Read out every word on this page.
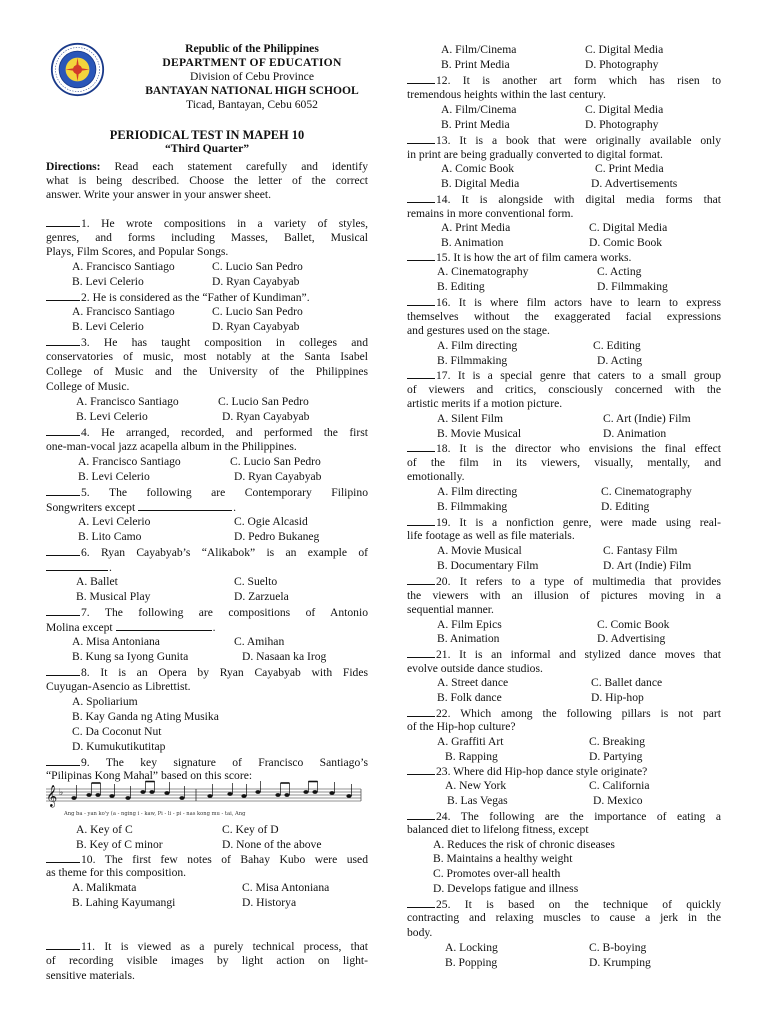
Republic of the Philippines
DEPARTMENT OF EDUCATION
Division of Cebu Province
BANTAYAN NATIONAL HIGH SCHOOL
Ticad, Bantayan, Cebu 6052
PERIODICAL TEST IN MAPEH 10
“Third Quarter”
Directions: Read each statement carefully and identify
what is being described. Choose the letter of the correct
answer. Write your answer in your answer sheet.
1. He wrote compositions in a variety of styles,
genres, and forms including Masses, Ballet, Musical
Plays, Film Scores, and Popular Songs.
A. Francisco Santiago	C. Lucio San Pedro
B. Levi Celerio	D. Ryan Cayabyab
2. He is considered as the “Father of Kundiman”.
A. Francisco Santiago	C. Lucio San Pedro
B. Levi Celerio	D. Ryan Cayabyab
3. He has taught composition in colleges and
conservatories of music, most notably at the Santa Isabel
College of Music and the University of the Philippines
College of Music.
A. Francisco Santiago	C. Lucio San Pedro
B. Levi Celerio	D. Ryan Cayabyab
4. He arranged, recorded, and performed the first
one-man-vocal jazz acapella album in the Philippines.
A. Francisco Santiago	C. Lucio San Pedro
B. Levi Celerio	D. Ryan Cayabyab
5. The following are Contemporary Filipino
Songwriters except	.
A. Levi Celerio	C. Ogie Alcasid
B. Lito Camo	D. Pedro Bukaneg
6. Ryan Cayabyab’s “Alikabok” is an example of
.
A. Ballet	C. Suelto
B. Musical Play	D. Zarzuela
7. The following are compositions of Antonio
Molina except	.
A. Misa Antoniana	C. Amihan
B. Kung sa Iyong Gunita	D. Nasaan ka Irog
8. It is an Opera by Ryan Cayabyab with Fides
Cuyugan-Asencio as Librettist.
A. Spoliarium
B. Kay Ganda ng Ating Musika
C. Da Coconut Nut
D. Kumukutikutitap
9. The key signature of Francisco Santiago’s
“Pilipinas Kong Mahal” based on this score:
𝄞 ♭
Ang ba - yan ko'y (a - nging i - kaw, Pi - li - pi - nas kong mu - tai, Ang
A. Key of C	C. Key of D
B. Key of C minor	D. None of the above
10. The first few notes of Bahay Kubo were used
as theme for this composition.
A. Malikmata	C. Misa Antoniana
B. Lahing Kayumangi	D. Historya
11. It is viewed as a purely technical process, that
of recording visible images by light action on light-
sensitive materials.
A. Film/Cinema	C. Digital Media
B. Print Media	D. Photography
12. It is another art form which has risen to
tremendous heights within the last century.
A. Film/Cinema	C. Digital Media
B. Print Media	D. Photography
13. It is a book that were originally available only
in print are being gradually converted to digital format.
A. Comic Book	C. Print Media
B. Digital Media	D. Advertisements
14. It is alongside with digital media forms that
remains in more conventional form.
A. Print Media	C. Digital Media
B. Animation	D. Comic Book
15. It is how the art of film camera works.
A. Cinematography	C. Acting
B. Editing	D. Filmmaking
16. It is where film actors have to learn to express
themselves without the exaggerated facial expressions
and gestures used on the stage.
A. Film directing	C. Editing
B. Filmmaking	D. Acting
17. It is a special genre that caters to a small group
of viewers and critics, consciously concerned with the
artistic merits if a motion picture.
A. Silent Film	C. Art (Indie) Film
B. Movie Musical	D. Animation
18. It is the director who envisions the final effect
of the film in its viewers, visually, mentally, and
emotionally.
A. Film directing	C. Cinematography
B. Filmmaking	D. Editing
19. It is a nonfiction genre, were made using real-
life footage as well as file materials.
A. Movie Musical	C. Fantasy Film
B. Documentary Film	D. Art (Indie) Film
20. It refers to a type of multimedia that provides
the viewers with an illusion of pictures moving in a
sequential manner.
A. Film Epics	C. Comic Book
B. Animation	D. Advertising
21. It is an informal and stylized dance moves that
evolve outside dance studios.
A. Street dance	C. Ballet dance
B. Folk dance	D. Hip-hop
22. Which among the following pillars is not part
of the Hip-hop culture?
A. Graffiti Art	C. Breaking
B. Rapping	D. Partying
23. Where did Hip-hop dance style originate?
A. New York	C. California
B. Las Vegas	D. Mexico
24. The following are the importance of eating a
balanced diet to lifelong fitness, except
A. Reduces the risk of chronic diseases
B. Maintains a healthy weight
C. Promotes over-all health
D. Develops fatigue and illness
25. It is based on the technique of quickly
contracting and relaxing muscles to cause a jerk in the
body.
A. Locking	C. B-boying
B. Popping	D. Krumping
